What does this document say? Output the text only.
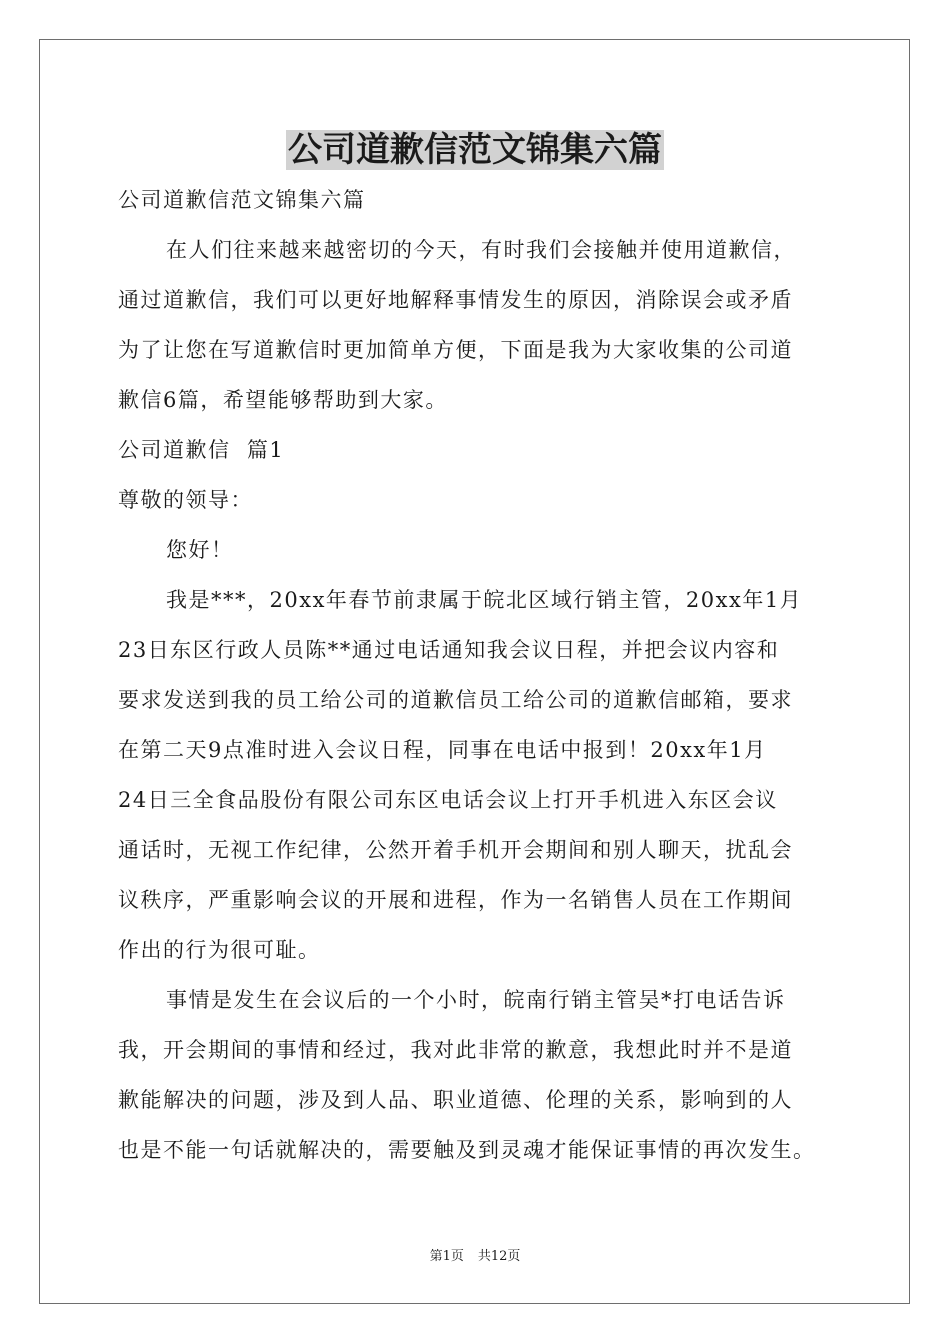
公司道歉信范文锦集六篇
公司道歉信范文锦集六篇
在人们往来越来越密切的今天，有时我们会接触并使用道歉信，
通过道歉信，我们可以更好地解释事情发生的原因，消除误会或矛盾
为了让您在写道歉信时更加简单方便，下面是我为大家收集的公司道
歉信6篇，希望能够帮助到大家。
公司道歉信  篇1
尊敬的领导：
您好！
我是***，20xx年春节前隶属于皖北区域行销主管，20xx年1月
23日东区行政人员陈**通过电话通知我会议日程，并把会议内容和
要求发送到我的员工给公司的道歉信员工给公司的道歉信邮箱，要求
在第二天9点准时进入会议日程，同事在电话中报到！20xx年1月
24日三全食品股份有限公司东区电话会议上打开手机进入东区会议
通话时，无视工作纪律，公然开着手机开会期间和别人聊天，扰乱会
议秩序，严重影响会议的开展和进程，作为一名销售人员在工作期间
作出的行为很可耻。
事情是发生在会议后的一个小时，皖南行销主管吴*打电话告诉
我，开会期间的事情和经过，我对此非常的歉意，我想此时并不是道
歉能解决的问题，涉及到人品、职业道德、伦理的关系，影响到的人
也是不能一句话就解决的，需要触及到灵魂才能保证事情的再次发生。
第1页 共12页
